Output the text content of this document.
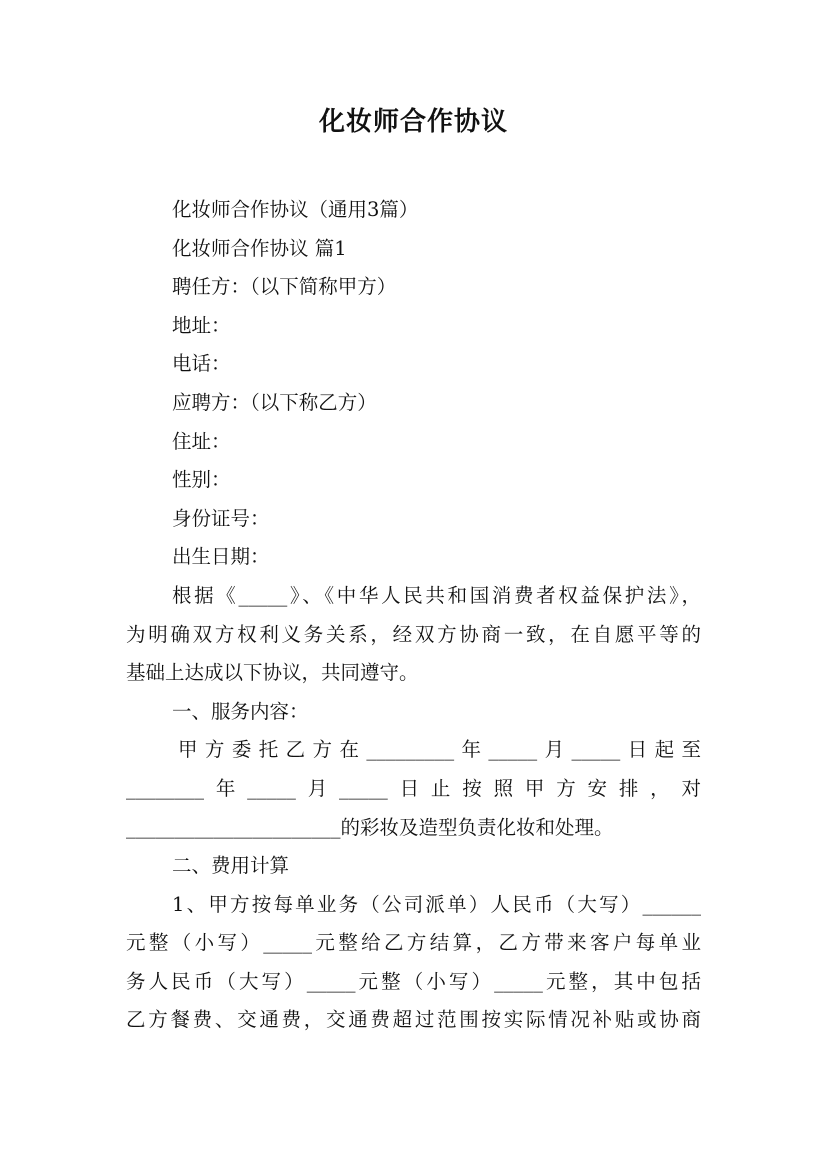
化妆师合作协议
化妆师合作协议（通用3篇）
化妆师合作协议 篇1
聘任方：（以下简称甲方）
地址：
电话：
应聘方：（以下称乙方）
住址：
性别：
身份证号：
出生日期：
根据《_____》、《中华人民共和国消费者权益保护法》，
为明确双方权利义务关系，经双方协商一致，在自愿平等的
基础上达成以下协议，共同遵守。
一、服务内容：
甲方委托乙方在_________年_____月_____日起至
________年_____月_____日止按照甲方安排，对
______________________的彩妆及造型负责化妆和处理。
二、费用计算
1、甲方按每单业务（公司派单）人民币（大写）______
元整（小写）_____元整给乙方结算，乙方带来客户每单业
务人民币（大写）_____元整（小写）_____元整，其中包括
乙方餐费、交通费，交通费超过范围按实际情况补贴或协商
